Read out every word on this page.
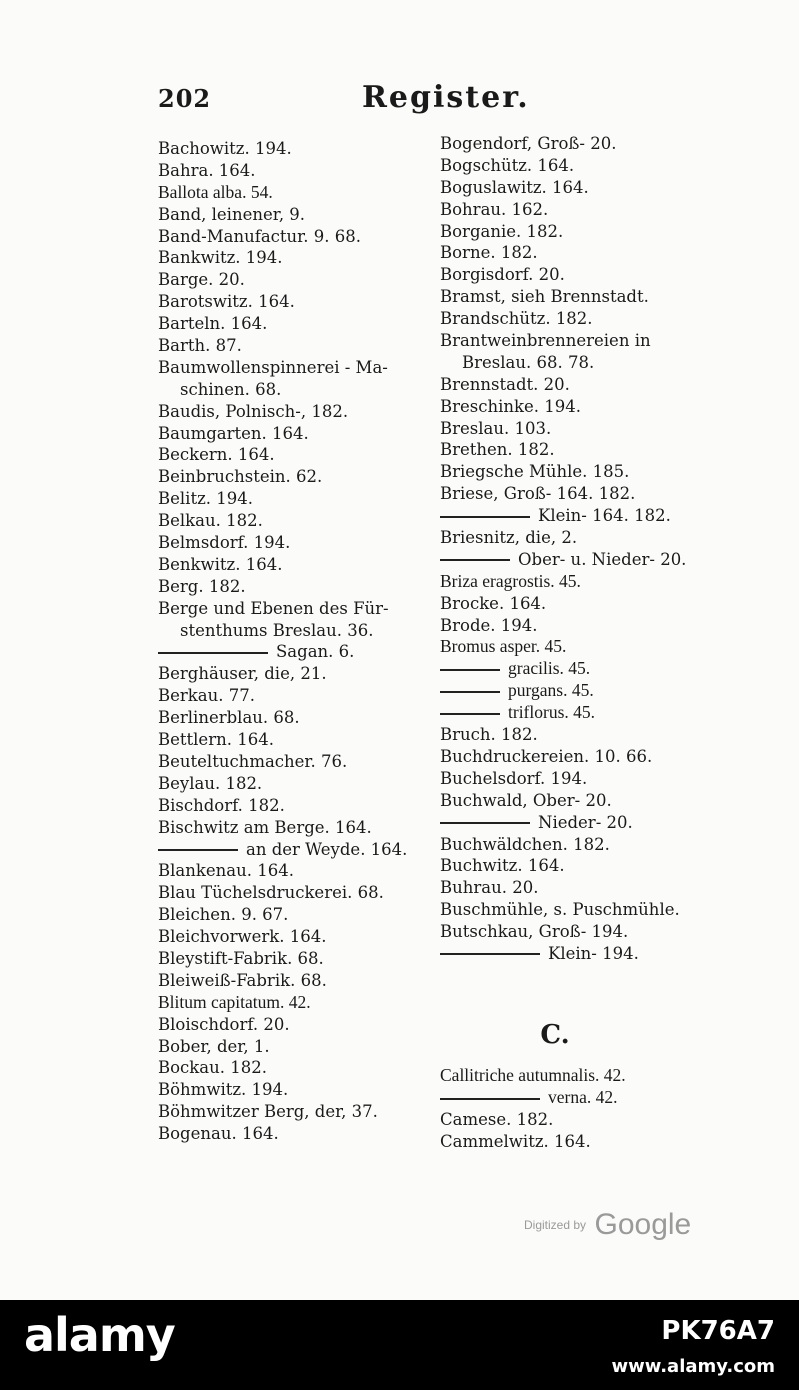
202	Register.
Bachowitz. 194.
Bahra. 164.
Ballota alba. 54.
Band, leinener, 9.
Band-Manufactur. 9. 68.
Bankwitz. 194.
Barge. 20.
Barotswitz. 164.
Barteln. 164.
Barth. 87.
Baumwollenspinnerei - Ma-
schinen. 68.
Baudis, Polnisch-, 182.
Baumgarten. 164.
Beckern. 164.
Beinbruchstein. 62.
Belitz. 194.
Belkau. 182.
Belmsdorf. 194.
Benkwitz. 164.
Berg. 182.
Berge und Ebenen des Für-
stenthums Breslau. 36.
Sagan. 6.
Berghäuser, die, 21.
Berkau. 77.
Berlinerblau. 68.
Bettlern. 164.
Beuteltuchmacher. 76.
Beylau. 182.
Bischdorf. 182.
Bischwitz am Berge. 164.
an der Weyde. 164.
Blankenau. 164.
Blau Tüchelsdruckerei. 68.
Bleichen. 9. 67.
Bleichvorwerk. 164.
Bleystift-Fabrik. 68.
Bleiweiß-Fabrik. 68.
Blitum capitatum. 42.
Bloischdorf. 20.
Bober, der, 1.
Bockau. 182.
Böhmwitz. 194.
Böhmwitzer Berg, der, 37.
Bogenau. 164.
Bogendorf, Groß- 20.
Bogschütz. 164.
Boguslawitz. 164.
Bohrau. 162.
Borganie. 182.
Borne. 182.
Borgisdorf. 20.
Bramst, sieh Brennstadt.
Brandschütz. 182.
Brantweinbrennereien in
Breslau. 68. 78.
Brennstadt. 20.
Breschinke. 194.
Breslau. 103.
Brethen. 182.
Briegsche Mühle. 185.
Briese, Groß- 164. 182.
Klein- 164. 182.
Briesnitz, die, 2.
Ober- u. Nieder- 20.
Briza eragrostis. 45.
Brocke. 164.
Brode. 194.
Bromus asper. 45.
gracilis. 45.
purgans. 45.
triflorus. 45.
Bruch. 182.
Buchdruckereien. 10. 66.
Buchelsdorf. 194.
Buchwald, Ober- 20.
Nieder- 20.
Buchwäldchen. 182.
Buchwitz. 164.
Buhrau. 20.
Buschmühle, s. Puschmühle.
Butschkau, Groß- 194.
Klein- 194.
C.
Callitriche autumnalis. 42.
verna. 42.
Camese. 182.
Cammelwitz. 164.
Digitized by Google
alamy	PK76A7
www.alamy.com
